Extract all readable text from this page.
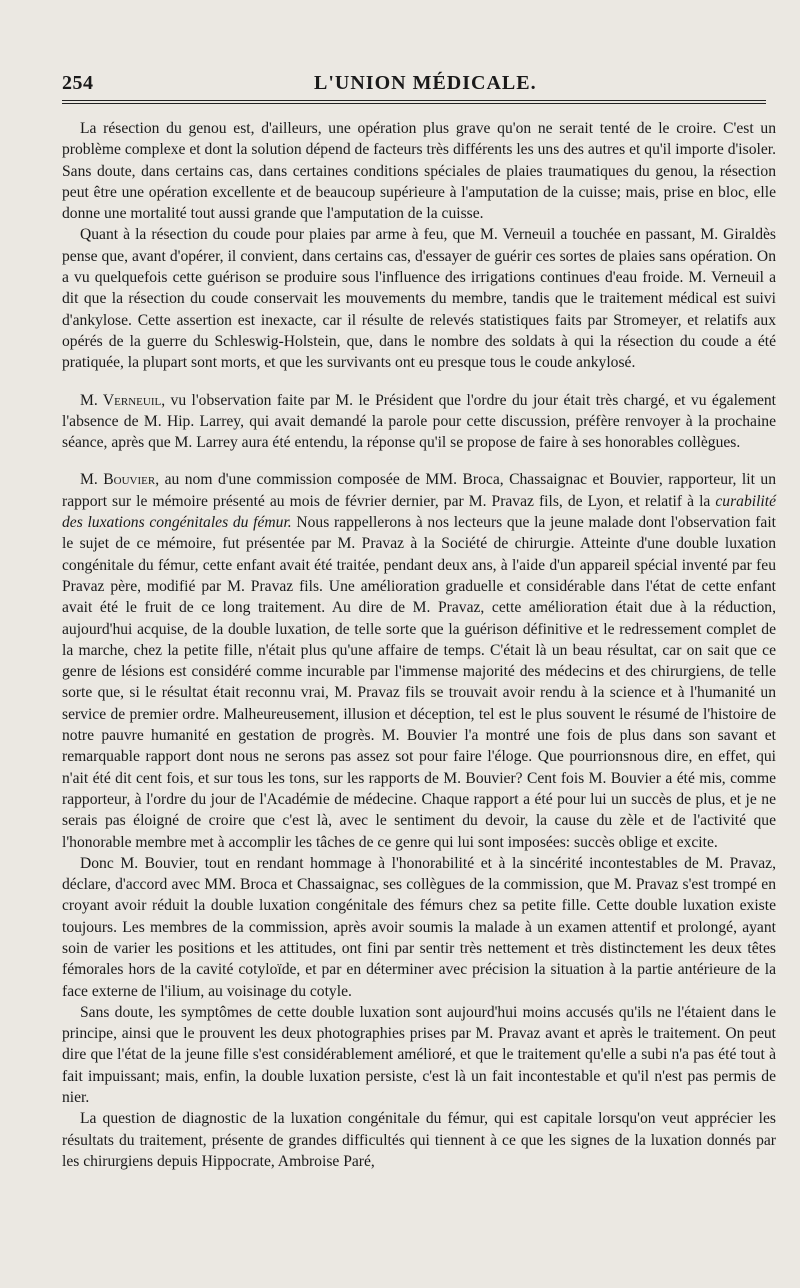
254	L'UNION MÉDICALE.

La résection du genou est, d'ailleurs, une opération plus grave qu'on ne serait tenté de le croire. C'est un problème complexe et dont la solution dépend de facteurs très différents les uns des autres et qu'il importe d'isoler. Sans doute, dans certains cas, dans certaines conditions spéciales de plaies traumatiques du genou, la résection peut être une opération excellente et de beaucoup supérieure à l'amputation de la cuisse; mais, prise en bloc, elle donne une mortalité tout aussi grande que l'amputation de la cuisse.

Quant à la résection du coude pour plaies par arme à feu, que M. Verneuil a touchée en passant, M. Giraldès pense que, avant d'opérer, il convient, dans certains cas, d'essayer de guérir ces sortes de plaies sans opération. On a vu quelquefois cette guérison se produire sous l'influence des irrigations continues d'eau froide. M. Verneuil a dit que la résection du coude conservait les mouvements du membre, tandis que le traitement médical est suivi d'ankylose. Cette assertion est inexacte, car il résulte de relevés statistiques faits par Stromeyer, et relatifs aux opérés de la guerre du Schleswig-Holstein, que, dans le nombre des soldats à qui la résection du coude a été pratiquée, la plupart sont morts, et que les survivants ont eu presque tous le coude ankylosé.

M. Verneuil, vu l'observation faite par M. le Président que l'ordre du jour était très chargé, et vu également l'absence de M. Hip. Larrey, qui avait demandé la parole pour cette discussion, préfère renvoyer à la prochaine séance, après que M. Larrey aura été entendu, la réponse qu'il se propose de faire à ses honorables collègues.

M. Bouvier, au nom d'une commission composée de MM. Broca, Chassaignac et Bouvier, rapporteur, lit un rapport sur le mémoire présenté au mois de février dernier, par M. Pravaz fils, de Lyon, et relatif à la curabilité des luxations congénitales du fémur. Nous rappellerons à nos lecteurs que la jeune malade dont l'observation fait le sujet de ce mémoire, fut présentée par M. Pravaz à la Société de chirurgie. Atteinte d'une double luxation congénitale du fémur, cette enfant avait été traitée, pendant deux ans, à l'aide d'un appareil spécial inventé par feu Pravaz père, modifié par M. Pravaz fils. Une amélioration graduelle et considérable dans l'état de cette enfant avait été le fruit de ce long traitement. Au dire de M. Pravaz, cette amélioration était due à la réduction, aujourd'hui acquise, de la double luxation, de telle sorte que la guérison définitive et le redressement complet de la marche, chez la petite fille, n'était plus qu'une affaire de temps. C'était là un beau résultat, car on sait que ce genre de lésions est considéré comme incurable par l'immense majorité des médecins et des chirurgiens, de telle sorte que, si le résultat était reconnu vrai, M. Pravaz fils se trouvait avoir rendu à la science et à l'humanité un service de premier ordre. Malheureusement, illusion et déception, tel est le plus souvent le résumé de l'histoire de notre pauvre humanité en gestation de progrès. M. Bouvier l'a montré une fois de plus dans son savant et remarquable rapport dont nous ne serons pas assez sot pour faire l'éloge. Que pourrionsnous dire, en effet, qui n'ait été dit cent fois, et sur tous les tons, sur les rapports de M. Bouvier? Cent fois M. Bouvier a été mis, comme rapporteur, à l'ordre du jour de l'Académie de médecine. Chaque rapport a été pour lui un succès de plus, et je ne serais pas éloigné de croire que c'est là, avec le sentiment du devoir, la cause du zèle et de l'activité que l'honorable membre met à accomplir les tâches de ce genre qui lui sont imposées: succès oblige et excite.

Donc M. Bouvier, tout en rendant hommage à l'honorabilité et à la sincérité incontestables de M. Pravaz, déclare, d'accord avec MM. Broca et Chassaignac, ses collègues de la commission, que M. Pravaz s'est trompé en croyant avoir réduit la double luxation congénitale des fémurs chez sa petite fille. Cette double luxation existe toujours. Les membres de la commission, après avoir soumis la malade à un examen attentif et prolongé, ayant soin de varier les positions et les attitudes, ont fini par sentir très nettement et très distinctement les deux têtes fémorales hors de la cavité cotyloïde, et par en déterminer avec précision la situation à la partie antérieure de la face externe de l'ilium, au voisinage du cotyle.

Sans doute, les symptômes de cette double luxation sont aujourd'hui moins accusés qu'ils ne l'étaient dans le principe, ainsi que le prouvent les deux photographies prises par M. Pravaz avant et après le traitement. On peut dire que l'état de la jeune fille s'est considérablement amélioré, et que le traitement qu'elle a subi n'a pas été tout à fait impuissant; mais, enfin, la double luxation persiste, c'est là un fait incontestable et qu'il n'est pas permis de nier.

La question de diagnostic de la luxation congénitale du fémur, qui est capitale lorsqu'on veut apprécier les résultats du traitement, présente de grandes difficultés qui tiennent à ce que les signes de la luxation donnés par les chirurgiens depuis Hippocrate, Ambroise Paré,
